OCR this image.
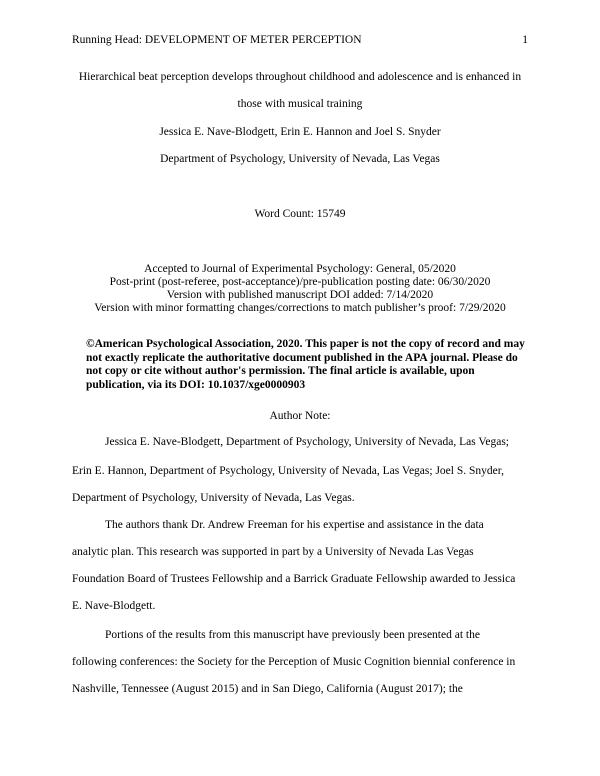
Running Head: DEVELOPMENT OF METER PERCEPTION	1
Hierarchical beat perception develops throughout childhood and adolescence and is enhanced in
those with musical training
Jessica E. Nave-Blodgett, Erin E. Hannon and Joel S. Snyder
Department of Psychology, University of Nevada, Las Vegas
Word Count: 15749
Accepted to Journal of Experimental Psychology: General, 05/2020
Post-print (post-referee, post-acceptance)/pre-publication posting date: 06/30/2020
Version with published manuscript DOI added: 7/14/2020
Version with minor formatting changes/corrections to match publisher’s proof: 7/29/2020
©American Psychological Association, 2020. This paper is not the copy of record and may not exactly replicate the authoritative document published in the APA journal. Please do not copy or cite without author's permission. The final article is available, upon publication, via its DOI: 10.1037/xge0000903
Author Note:
Jessica E. Nave-Blodgett, Department of Psychology, University of Nevada, Las Vegas;
Erin E. Hannon, Department of Psychology, University of Nevada, Las Vegas; Joel S. Snyder,
Department of Psychology, University of Nevada, Las Vegas.
The authors thank Dr. Andrew Freeman for his expertise and assistance in the data
analytic plan. This research was supported in part by a University of Nevada Las Vegas
Foundation Board of Trustees Fellowship and a Barrick Graduate Fellowship awarded to Jessica
E. Nave-Blodgett.
Portions of the results from this manuscript have previously been presented at the
following conferences: the Society for the Perception of Music Cognition biennial conference in
Nashville, Tennessee (August 2015) and in San Diego, California (August 2017); the
